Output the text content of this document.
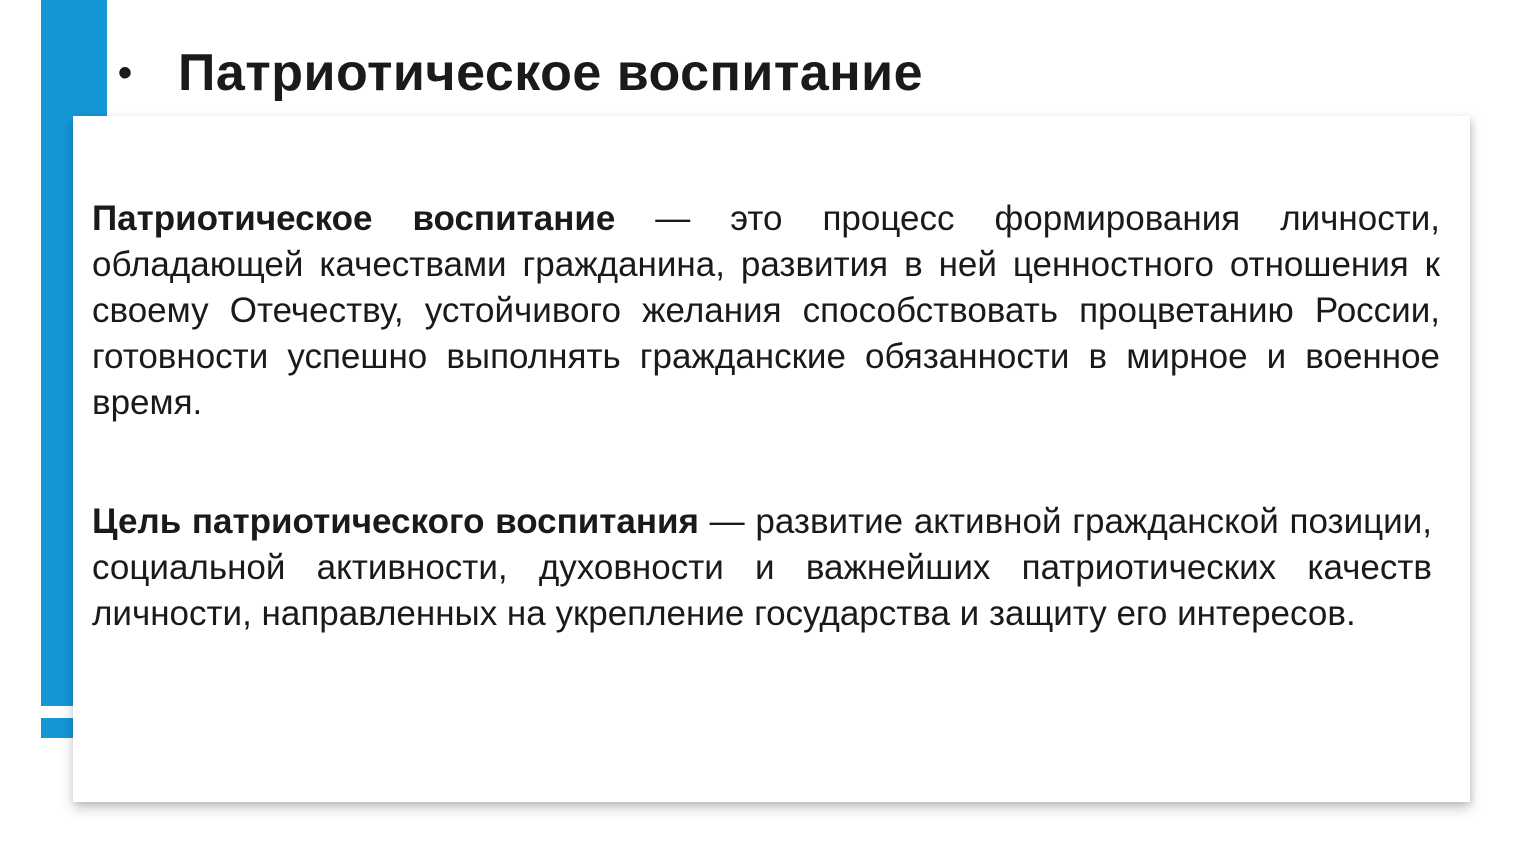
• Патриотическое воспитание

Патриотическое воспитание — это процесс формирования личности, обладающей качествами гражданина, развития в ней ценностного отношения к своему Отечеству, устойчивого желания способствовать процветанию России, готовности успешно выполнять гражданские обязанности в мирное и военное время.

Цель патриотического воспитания — развитие активной гражданской позиции, социальной активности, духовности и важнейших патриотических качеств личности, направленных на укрепление государства и защиту его интересов.
